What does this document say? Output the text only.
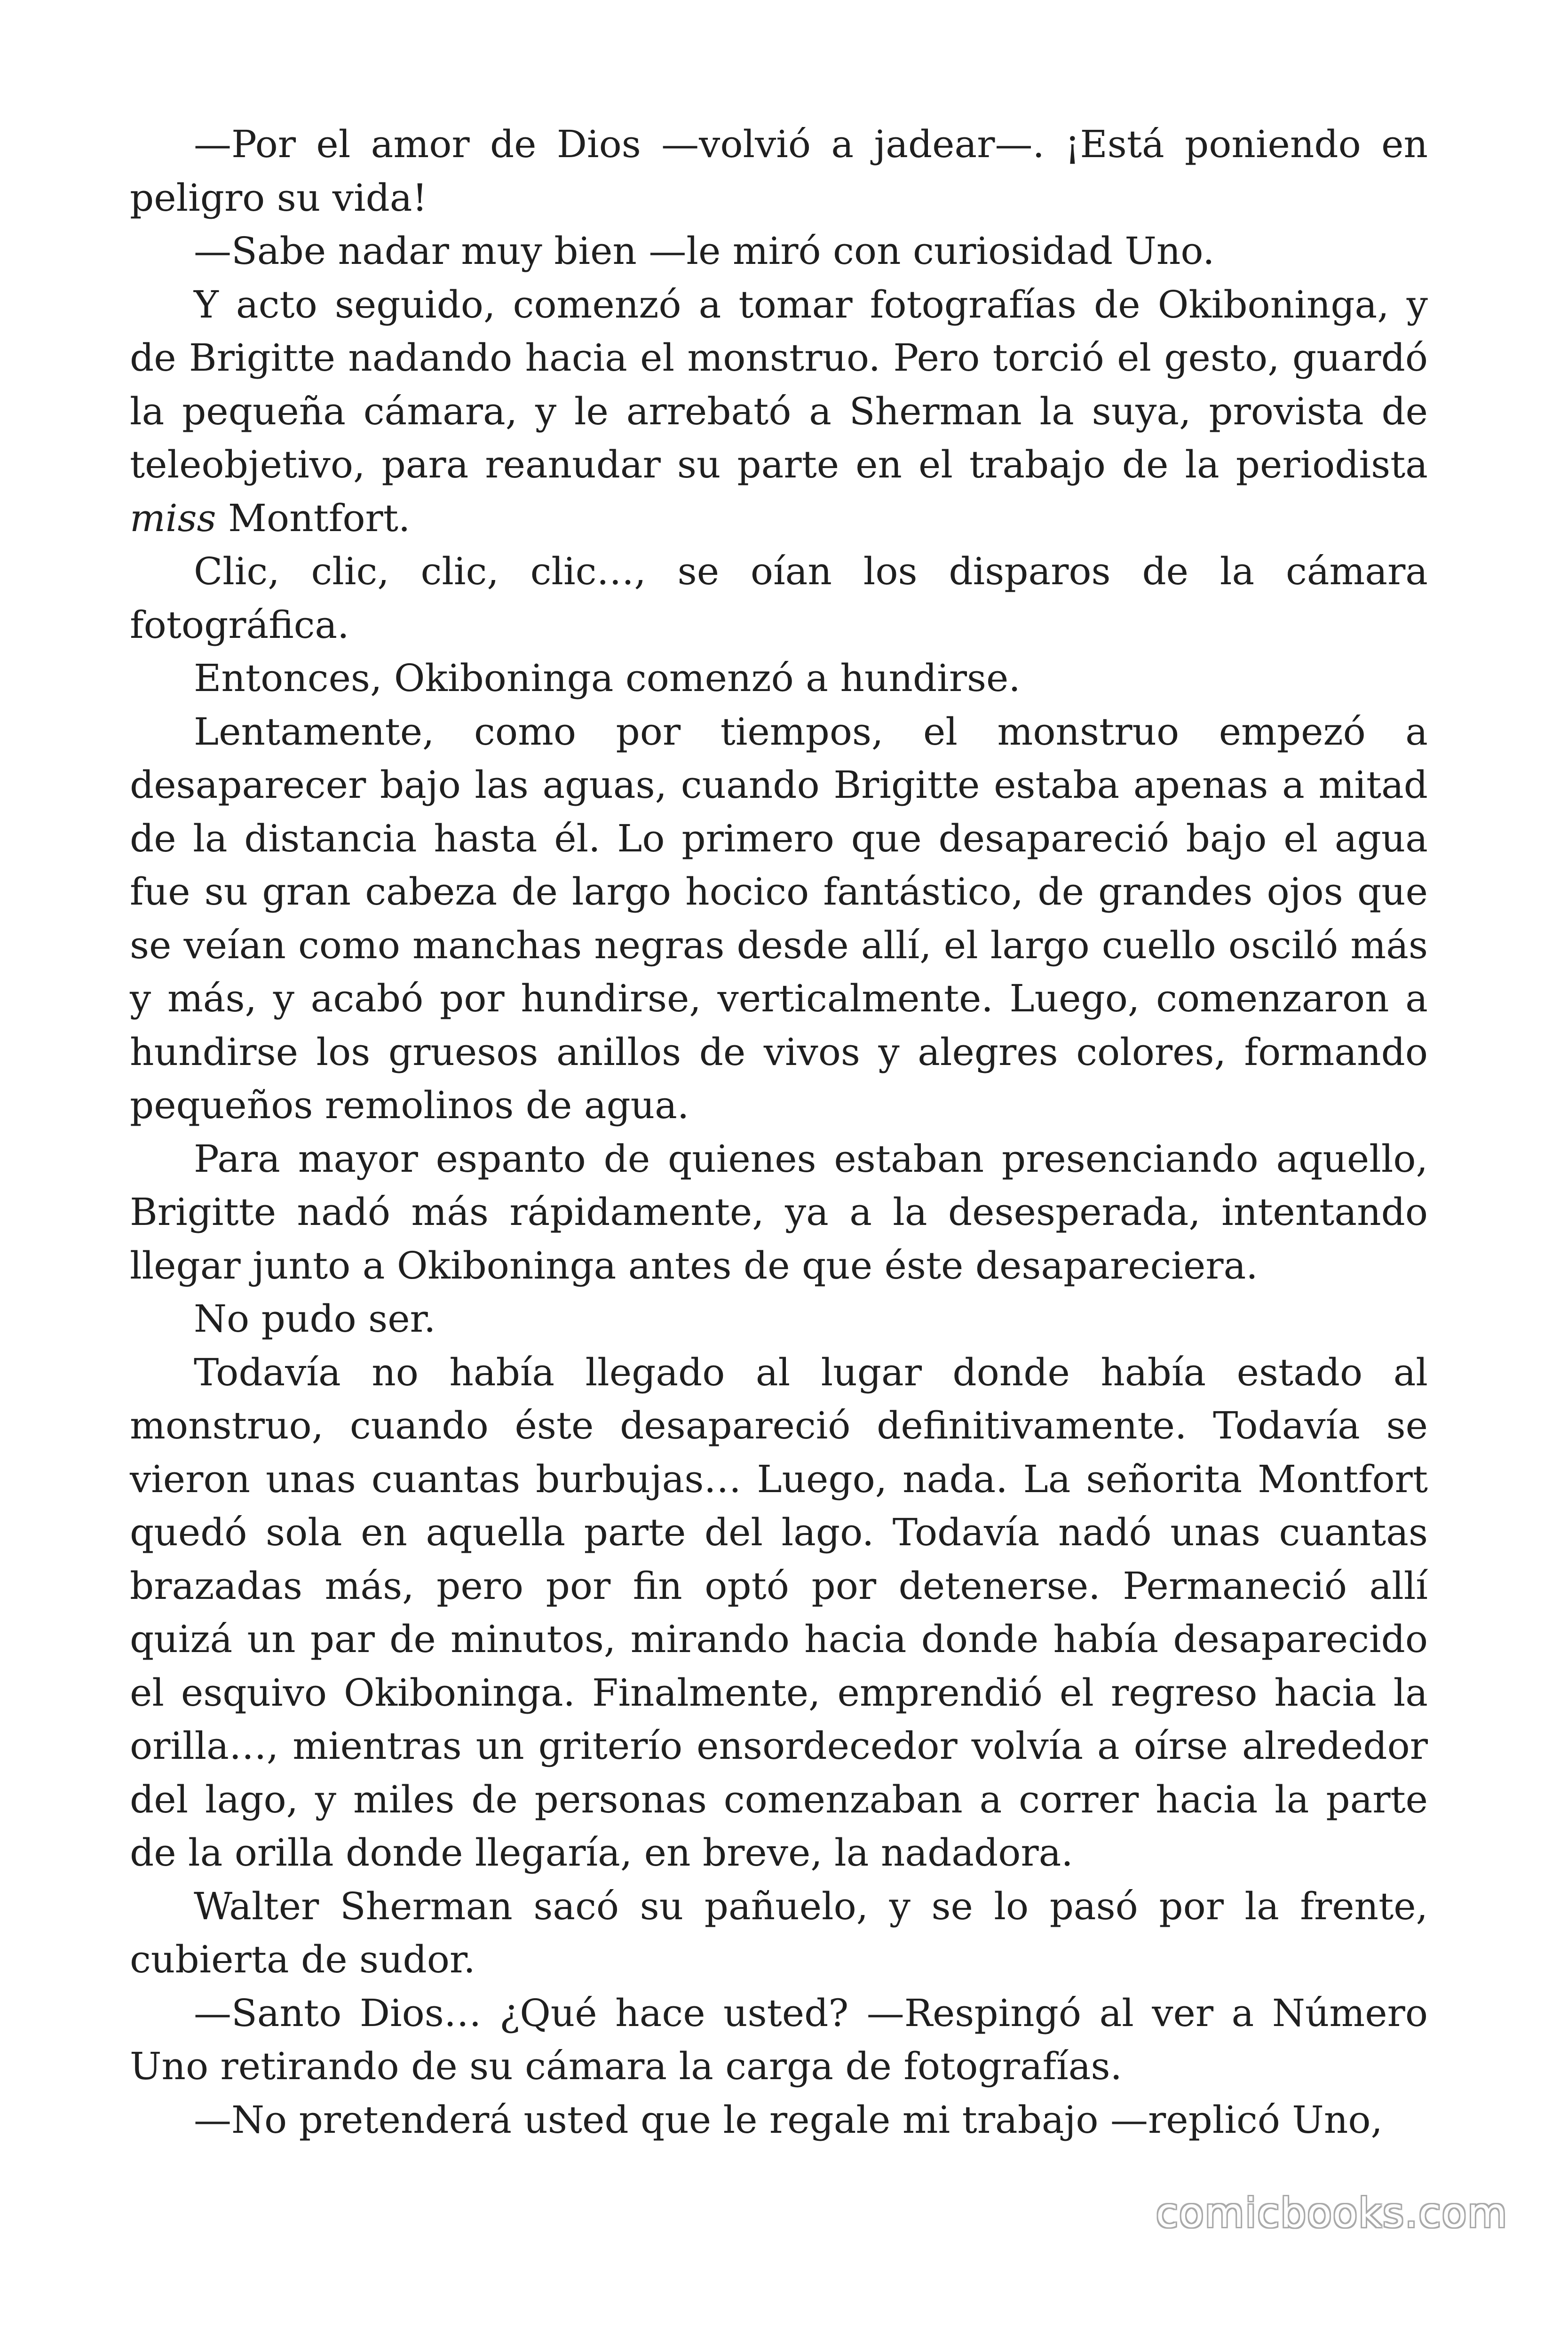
—Por el amor de Dios —volvió a jadear—. ¡Está poniendo en peligro su vida!

—Sabe nadar muy bien —le miró con curiosidad Uno.

Y acto seguido, comenzó a tomar fotografías de Okiboninga, y de Brigitte nadando hacia el monstruo. Pero torció el gesto, guardó la pequeña cámara, y le arrebató a Sherman la suya, provista de teleobjetivo, para reanudar su parte en el trabajo de la periodista miss Montfort.

Clic, clic, clic, clic…, se oían los disparos de la cámara fotográfica.

Entonces, Okiboninga comenzó a hundirse.

Lentamente, como por tiempos, el monstruo empezó a desaparecer bajo las aguas, cuando Brigitte estaba apenas a mitad de la distancia hasta él. Lo primero que desapareció bajo el agua fue su gran cabeza de largo hocico fantástico, de grandes ojos que se veían como manchas negras desde allí, el largo cuello osciló más y más, y acabó por hundirse, verticalmente. Luego, comenzaron a hundirse los gruesos anillos de vivos y alegres colores, formando pequeños remolinos de agua.

Para mayor espanto de quienes estaban presenciando aquello, Brigitte nadó más rápidamente, ya a la desesperada, intentando llegar junto a Okiboninga antes de que éste desapareciera.

No pudo ser.

Todavía no había llegado al lugar donde había estado al monstruo, cuando éste desapareció definitivamente. Todavía se vieron unas cuantas burbujas… Luego, nada. La señorita Montfort quedó sola en aquella parte del lago. Todavía nadó unas cuantas brazadas más, pero por fin optó por detenerse. Permaneció allí quizá un par de minutos, mirando hacia donde había desaparecido el esquivo Okiboninga. Finalmente, emprendió el regreso hacia la orilla…, mientras un griterío ensordecedor volvía a oírse alrededor del lago, y miles de personas comenzaban a correr hacia la parte de la orilla donde llegaría, en breve, la nadadora.

Walter Sherman sacó su pañuelo, y se lo pasó por la frente, cubierta de sudor.

—Santo Dios… ¿Qué hace usted? —Respingó al ver a Número Uno retirando de su cámara la carga de fotografías.

—No pretenderá usted que le regale mi trabajo —replicó Uno,

comicbooks.com
